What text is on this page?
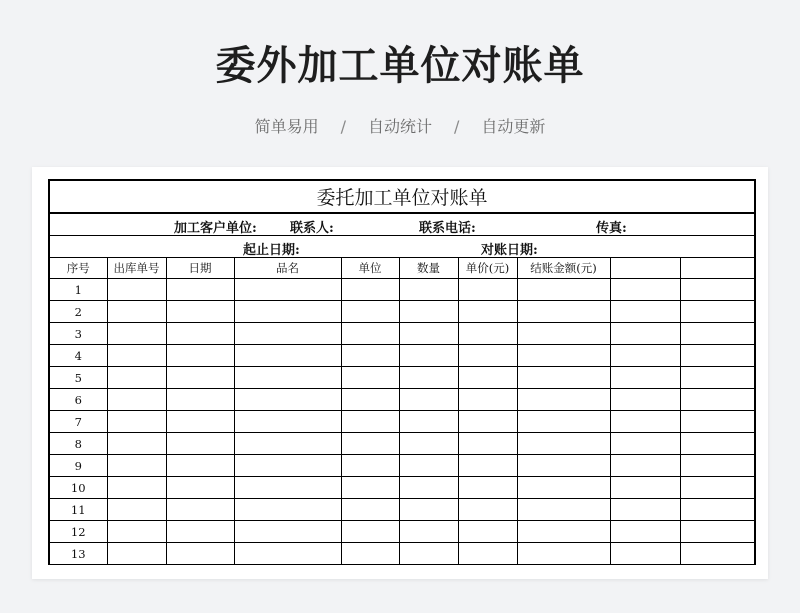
委外加工单位对账单
简单易用 / 自动统计 / 自动更新
委托加工单位对账单									

加工客户单位: 联系人: 联系电话: 传真:									

起止日期: 对账日期:									

序号	出库单号	日期	品名	单位	数量	单价(元)	结账金额(元)		
1									
2									
3									
4									
5									
6									
7									
8									
9									
10									
11									
12									
13									
